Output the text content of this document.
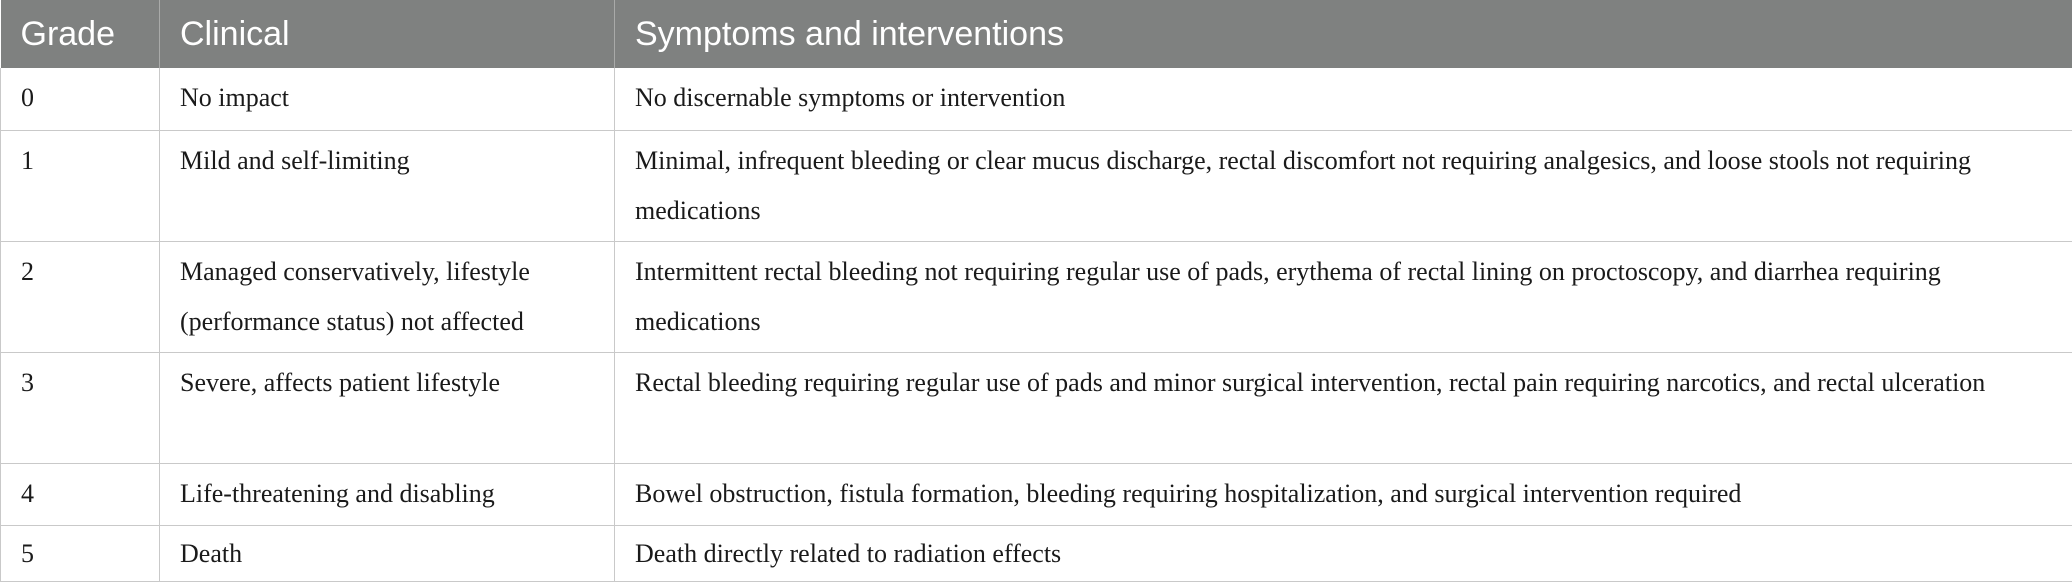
Grade	Clinical	Symptoms and interventions
0	No impact	No discernable symptoms or intervention
1	Mild and self-limiting	Minimal, infrequent bleeding or clear mucus discharge, rectal discomfort not requiring analgesics, and loose stools not requiring medications
2	Managed conservatively, lifestyle (performance status) not affected	Intermittent rectal bleeding not requiring regular use of pads, erythema of rectal lining on proctoscopy, and diarrhea requiring medications
3	Severe, affects patient lifestyle	Rectal bleeding requiring regular use of pads and minor surgical intervention, rectal pain requiring narcotics, and rectal ulceration
4	Life-threatening and disabling	Bowel obstruction, fistula formation, bleeding requiring hospitalization, and surgical intervention required
5	Death	Death directly related to radiation effects
